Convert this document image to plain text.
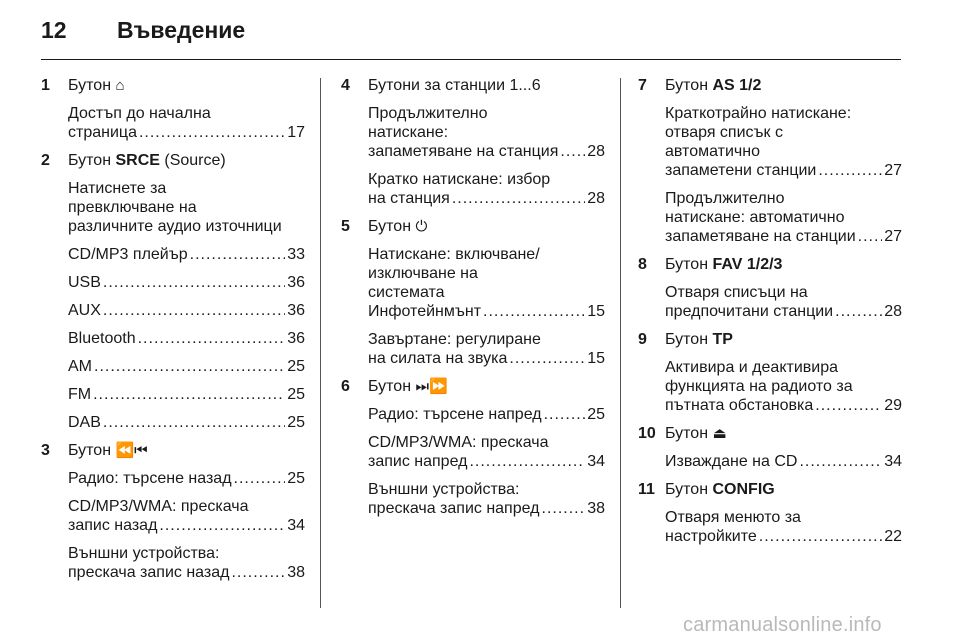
12 Въведение
1 Бутон ⌂
Достъп до начална
страница .....	17
2 Бутон SRCE (Source)
Натиснете за
превключване на
различните аудио източници
CD/MP3 плейър .....	33
USB .....	36
AUX .....	36
Bluetooth .....	36
AM .....	25
FM .....	25
DAB .....	25
3 Бутон ⏪⏮
Радио: търсене назад .....	25
CD/MP3/WMA: прескача
запис назад .....	34
Външни устройства:
прескача запис назад .....	38
4 Бутони за станции 1...6
Продължително
натискане:
запаметяване на станция ..... 28
Кратко натискане: избор
на станция .....	28
5 Бутон ⏻
Натискане: включване/
изключване на
системата
Инфотейнмънт .....	15
Завъртане: регулиране
на силата на звука .....	15
6 Бутон ⏭⏩
Радио: търсене напред .....	25
CD/MP3/WMA: прескача
запис напред .....	34
Външни устройства:
прескача запис напред .....	38
7 Бутон AS 1/2
Краткотрайно натискане:
отваря списък с
автоматично
запаметени станции .....	27
Продължително
натискане: автоматично
запаметяване на станции ..... 27
8 Бутон FAV 1/2/3
Отваря списъци на
предпочитани станции .....	28
9 Бутон TP
Активира и деактивира
функцията на радиото за
пътната обстановка .....	29
10 Бутон ⏏
Изваждане на CD .....	34
11 Бутон CONFIG
Отваря менюто за
настройките .....	22
carmanualsonline.info
